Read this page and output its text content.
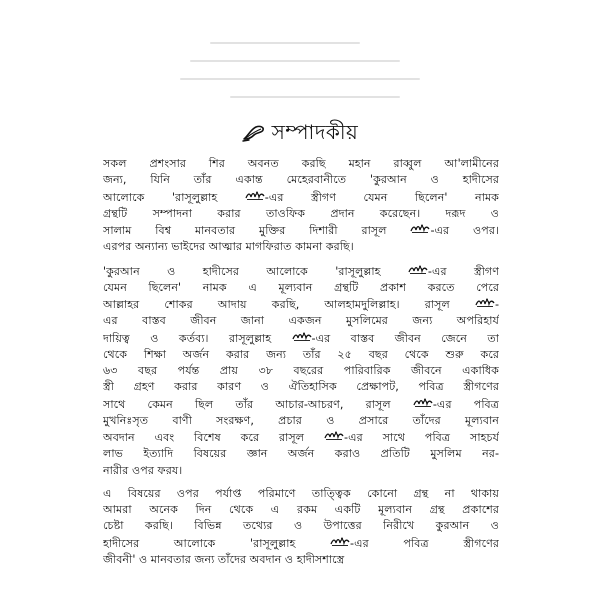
সম্পাদকীয়
সকল প্রশংসার শির অবনত করছি মহান রাব্বুল আ'লামীনের
জন্য, যিনি তাঁর একান্ত মেহেরবানীতে 'কুরআন ও হাদীসের
আলোকে 'রাসূলুল্লাহ -এর স্ত্রীগণ যেমন ছিলেন' নামক
গ্রন্থটি সম্পাদনা করার তাওফিক প্রদান করেছেন। দরূদ ও
সালাম বিশ্ব মানবতার মুক্তির দিশারী রাসূল -এর ওপর।
এরপর অন্যান্য ভাইদের আত্মার মাগফিরাত কামনা করছি।
'কুরআন ও হাদীসের আলোকে 'রাসূলুল্লাহ -এর স্ত্রীগণ
যেমন ছিলেন' নামক এ মূল্যবান গ্রন্থটি প্রকাশ করতে পেরে
আল্লাহর শোকর আদায় করছি, আলহামদুলিল্লাহ। রাসূল -
এর বাস্তব জীবন জানা একজন মুসলিমের জন্য অপরিহার্য
দায়িত্ব ও কর্তব্য। রাসূলুল্লাহ -এর বাস্তব জীবন জেনে তা
থেকে শিক্ষা অর্জন করার জন্য তাঁর ২৫ বছর থেকে শুরু করে
৬৩ বছর পর্যন্ত প্রায় ৩৮ বছরের পারিবারিক জীবনে একাধিক
স্ত্রী গ্রহণ করার কারণ ও ঐতিহাসিক প্রেক্ষাপট, পবিত্র স্ত্রীগণের
সাথে কেমন ছিল তাঁর আচার-আচরণ, রাসূল -এর পবিত্র
মুখনিঃসৃত বাণী সংরক্ষণ, প্রচার ও প্রসারে তাঁদের মূল্যবান
অবদান এবং বিশেষ করে রাসূল -এর সাথে পবিত্র সাহচর্য
লাভ ইত্যাদি বিষয়ের জ্ঞান অর্জন করাও প্রতিটি মুসলিম নর-
নারীর ওপর ফরয।
এ বিষয়ের ওপর পর্যাপ্ত পরিমাণে তাত্ত্বিক কোনো গ্রন্থ না থাকায়
আমরা অনেক দিন থেকে এ রকম একটি মূল্যবান গ্রন্থ প্রকাশের
চেষ্টা করছি। বিভিন্ন তথ্যের ও উপাত্তের নিরীখে কুরআন ও
হাদীসের আলোকে 'রাসূলুল্লাহ -এর পবিত্র স্ত্রীগণের
জীবনী' ও মানবতার জন্য তাঁদের অবদান ও হাদীসশাস্ত্রে
